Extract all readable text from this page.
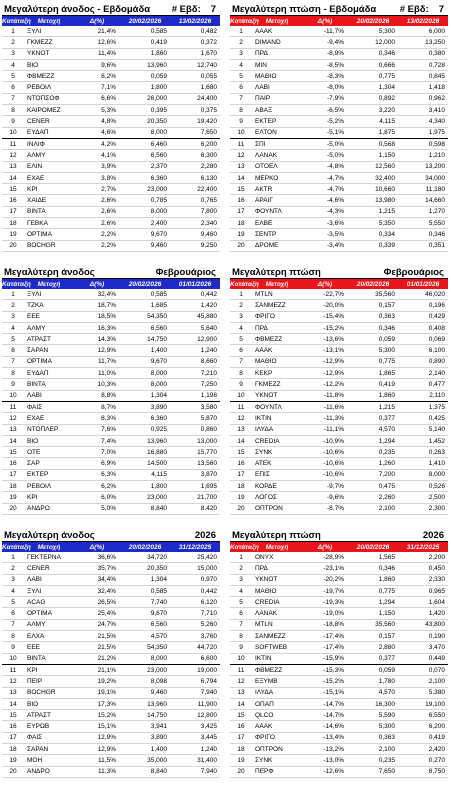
Μεγαλύτερη άνοδος - Εβδομάδα # Εβδ: 7
Κατάταξη	Μετοχή	Δ(%)	20/02/2026	13/02/2026
1	ΞΥΛΙ	21,4%	0,585	0,482
2	ΓΚΜΕΖΖ	12,6%	0,419	0,372
3	ΥΚΝΟΤ	11,4%	1,860	1,670
4	BIO	9,6%	13,960	12,740
5	ΦΒΜΕΖΖ	8,2%	0,059	0,055
6	ΡΕΒΟΙΛ	7,1%	1,800	1,680
7	ΝΤΟΠΣΟΦ	6,6%	26,000	24,400
8	ΚΑΙΡΟΜΕΖ	5,3%	0,395	0,375
9	CENER	4,8%	20,350	19,420
10	ΕΥΔΑΠ	4,6%	8,000	7,650
11	ΙΝΛΙΦ	4,2%	6,460	6,200
12	ΑΛΜΥ	4,1%	6,560	6,300
13	ΕΛΙΝ	3,9%	2,370	2,280
14	ΕΧΑΕ	3,8%	6,360	6,130
15	ΚΡΙ	2,7%	23,000	22,400
16	ΧΑΙΔΕ	2,6%	0,785	0,765
17	ΒΙΝΤΑ	2,6%	8,000	7,800
18	ΓΕΒΚΑ	2,6%	2,400	2,340
19	OPTIMA	2,2%	9,670	9,460
20	BOCHGR	2,2%	9,460	9,250
Μεγαλύτερη πτώση - Εβδομάδα # Εβδ: 7
Κατάταξη	Μετοχή	Δ(%)	20/02/2026	13/02/2026
1	ΑΑΑΚ	-11,7%	5,300	6,000
2	DIMAND	-9,4%	12,000	13,250
3	ΠΡΔ	-8,9%	0,346	0,380
4	MIN	-8,5%	0,666	0,728
5	ΜΑΘΙΟ	-8,3%	0,775	0,845
6	ΛΑΒΙ	-8,0%	1,304	1,418
7	ΠΑΙΡ	-7,9%	0,892	0,962
8	ΑΒΑΞ	-6,5%	3,220	3,410
9	ΕΚΤΕΡ	-5,2%	4,115	4,340
10	ΕΛΤΟΝ	-5,1%	1,875	1,975
11	ΣΠΙ	-5,0%	0,568	0,598
12	ΛΑΝΑΚ	-5,0%	1,150	1,210
13	ΟΤΟΕΛ	-4,8%	12,560	13,200
14	ΜΕΡΚΟ	-4,7%	32,400	34,000
15	AKTR	-4,7%	10,660	11,180
16	ΑΡΑΙΓ	-4,6%	13,980	14,660
17	ΦΟΥΝΤΛ	-4,3%	1,215	1,270
18	ΕΛΒΕ	-3,6%	5,350	5,550
19	ΣΕΝΤΡ	-3,5%	0,334	0,346
20	ΔΡΟΜΕ	-3,4%	0,339	0,351
Μεγαλύτερη άνοδος	Φεβρουάριος
Κατάταξη	Μετοχή	Δ(%)	20/02/2026	01/01/2026
1	ΞΥΛΙ	32,4%	0,585	0,442
2	ΤΖΚΑ	18,7%	1,685	1,420
3	ΕΕΕ	18,5%	54,350	45,880
4	ΑΛΜΥ	16,3%	6,560	5,640
5	ΑΤΡΑΣΤ	14,3%	14,750	12,900
6	ΣΑΡΑΝ	12,9%	1,400	1,240
7	OPTIMA	11,7%	9,670	8,660
8	ΕΥΔΑΠ	11,0%	8,000	7,210
9	ΒΙΝΤΑ	10,3%	8,000	7,250
10	ΛΑΒΙ	8,8%	1,304	1,198
11	ΦΑΙΣ	8,7%	3,890	3,580
12	ΕΧΑΕ	8,3%	6,360	5,870
13	ΝΤΟΠΛΕΡ	7,6%	0,925	0,860
14	BIO	7,4%	13,960	13,000
15	ΟΤΕ	7,0%	16,880	15,770
16	ΣΑΡ	6,9%	14,500	13,560
17	ΕΚΤΕΡ	6,3%	4,115	3,870
18	ΡΕΒΟΙΛ	6,2%	1,800	1,695
19	ΚΡΙ	6,0%	23,000	21,700
20	ΑΝΔΡΟ	5,0%	8,840	8,420
Μεγαλύτερη πτώση	Φεβρουάριος
Κατάταξη	Μετοχή	Δ(%)	20/02/2026	01/01/2026
1	MTLN	-22,7%	35,560	46,020
2	ΣΑΝΜΕΖΖ	-20,0%	0,157	0,196
3	ΦΡΙΓΟ	-15,4%	0,363	0,429
4	ΠΡΔ	-15,2%	0,346	0,408
5	ΦΒΜΕΖΖ	-13,6%	0,059	0,069
6	ΑΑΑΚ	-13,1%	5,300	6,100
7	ΜΑΘΙΟ	-12,9%	0,775	0,890
8	ΚΕΚΡ	-12,9%	1,865	2,140
9	ΓΚΜΕΖΖ	-12,2%	0,419	0,477
10	ΥΚΝΟΤ	-11,8%	1,860	2,110
11	ΦΟΥΝΤΛ	-11,6%	1,215	1,375
12	ΙΚΤΙΝ	-11,3%	0,377	0,425
13	ΙΛΥΔΑ	-11,1%	4,570	5,140
14	CREDIA	-10,9%	1,294	1,452
15	ΣΥΝΚ	-10,6%	0,235	0,263
16	ΑΤΕΚ	-10,6%	1,260	1,410
17	ΕΠΙΣ	-10,6%	7,200	8,000
18	ΚΟΡΔΕ	-9,7%	0,475	0,526
19	ΛΟΓΟΣ	-9,6%	2,260	2,500
20	ΟΠΤΡΟΝ	-8,7%	2,100	2,300
Μεγαλύτερη άνοδος	2026
Κατάταξη	Μετοχή	Δ(%)	20/02/2026	31/12/2025
1	ΓΕΚΤΕΡΝΑ	36,6%	34,720	25,420
2	CENER	35,7%	20,350	15,000
3	ΛΑΒΙ	34,4%	1,304	0,970
4	ΞΥΛΙ	32,4%	0,585	0,442
5	ACAG	26,5%	7,740	6,120
6	OPTIMA	25,4%	9,670	7,710
7	ΑΛΜΥ	24,7%	6,560	5,260
8	ΕΛΧΑ	21,5%	4,570	3,760
9	ΕΕΕ	21,5%	54,350	44,720
10	ΒΙΝΤΑ	21,2%	8,000	6,600
11	ΚΡΙ	21,1%	23,000	19,000
12	ΠΕΙΡ	19,2%	8,098	6,794
13	BOCHGR	19,1%	9,460	7,940
14	BIO	17,3%	13,960	11,900
15	ΑΤΡΑΣΤ	15,2%	14,750	12,800
16	ΕΥΡΩΒ	15,1%	3,941	3,425
17	ΦΑΙΣ	12,9%	3,890	3,445
18	ΣΑΡΑΝ	12,9%	1,400	1,240
19	ΜΟΗ	11,5%	35,000	31,400
20	ΑΝΔΡΟ	11,3%	8,840	7,940
Μεγαλύτερη πτώση	2026
Κατάταξη	Μετοχή	Δ(%)	20/02/2026	31/12/2025
1	ΟΝΥΧ	-28,9%	1,565	2,200
2	ΠΡΔ	-23,1%	0,346	0,450
3	ΥΚΝΟΤ	-20,2%	1,860	2,330
4	ΜΑΘΙΟ	-19,7%	0,775	0,965
5	CREDIA	-19,3%	1,294	1,604
6	ΛΑΝΑΚ	-19,0%	1,150	1,420
7	MTLN	-18,8%	35,560	43,800
8	ΣΑΝΜΕΖΖ	-17,4%	0,157	0,190
9	SOFTWEB	-17,4%	2,880	3,470
10	ΙΚΤΙΝ	-15,9%	0,377	0,449
11	ΦΒΜΕΖΖ	-15,3%	0,059	0,070
12	ΕΞΥΜΒ	-15,2%	1,780	2,100
13	ΙΛΥΔΑ	-15,1%	4,570	5,380
14	ΟΠΑΠ	-14,7%	16,300	19,100
15	QLCO	-14,7%	5,590	6,550
16	ΑΑΑΚ	-14,6%	5,300	6,200
17	ΦΡΙΓΟ	-13,4%	0,363	0,419
18	ΟΠΤΡΟΝ	-13,2%	2,100	2,420
19	ΣΥΝΚ	-13,0%	0,235	0,270
20	ΠΕΡΦ	-12,6%	7,650	8,750
